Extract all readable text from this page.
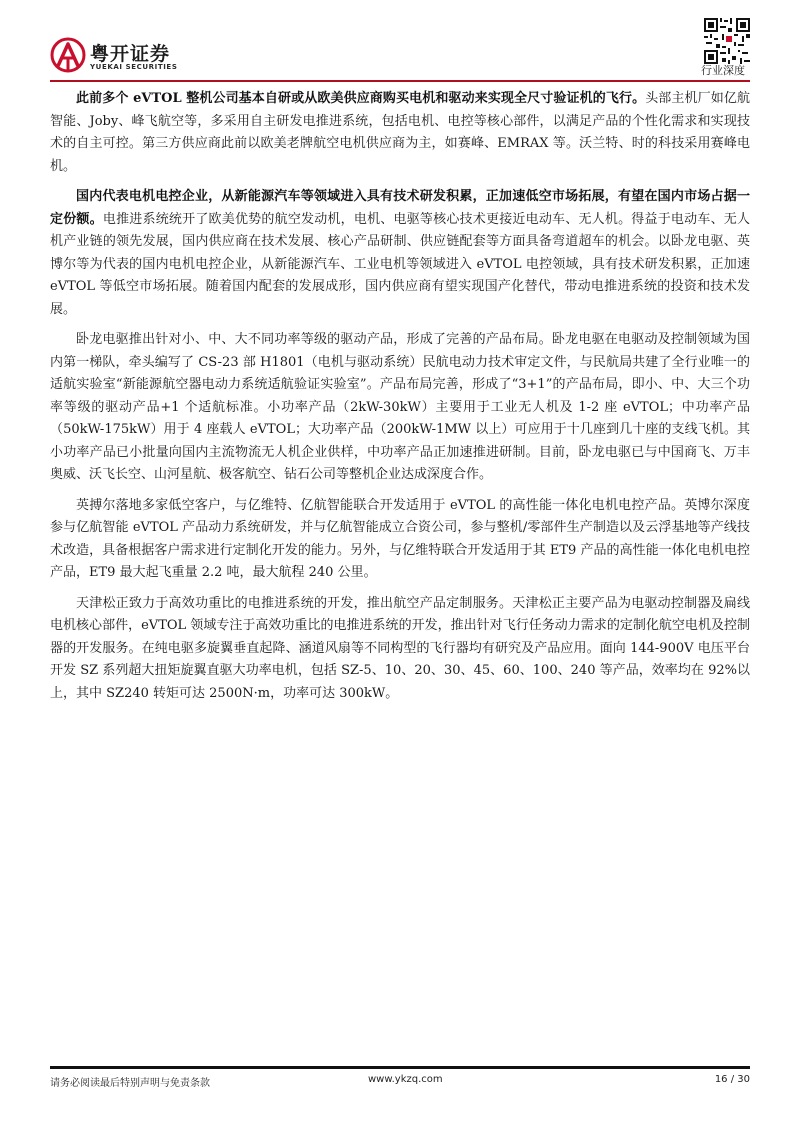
粤开证券
YUEKAI SECURITIES	行业深度

此前多个 eVTOL 整机公司基本自研或从欧美供应商购买电机和驱动来实现全尺寸验证机的飞行。头部主机厂如亿航智能、Joby、峰飞航空等，多采用自主研发电推进系统，包括电机、电控等核心部件，以满足产品的个性化需求和实现技术的自主可控。第三方供应商此前以欧美老牌航空电机供应商为主，如赛峰、EMRAX 等。沃兰特、时的科技采用赛峰电机。

国内代表电机电控企业，从新能源汽车等领域进入具有技术研发积累，正加速低空市场拓展，有望在国内市场占据一定份额。电推进系统统开了欧美优势的航空发动机，电机、电驱等核心技术更接近电动车、无人机。得益于电动车、无人机产业链的领先发展，国内供应商在技术发展、核心产品研制、供应链配套等方面具备弯道超车的机会。以卧龙电驱、英博尔等为代表的国内电机电控企业，从新能源汽车、工业电机等领域进入 eVTOL 电控领域，具有技术研发积累，正加速 eVTOL 等低空市场拓展。随着国内配套的发展成形，国内供应商有望实现国产化替代，带动电推进系统的投资和技术发展。

卧龙电驱推出针对小、中、大不同功率等级的驱动产品，形成了完善的产品布局。卧龙电驱在电驱动及控制领域为国内第一梯队，牵头编写了 CS-23 部 H1801（电机与驱动系统）民航电动力技术审定文件，与民航局共建了全行业唯一的适航实验室“新能源航空器电动力系统适航验证实验室”。产品布局完善，形成了“3+1”的产品布局，即小、中、大三个功率等级的驱动产品+1 个适航标准。小功率产品（2kW-30kW）主要用于工业无人机及 1-2 座 eVTOL；中功率产品（50kW-175kW）用于 4 座载人 eVTOL；大功率产品（200kW-1MW 以上）可应用于十几座到几十座的支线飞机。其小功率产品已小批量向国内主流物流无人机企业供样，中功率产品正加速推进研制。目前，卧龙电驱已与中国商飞、万丰奥威、沃飞长空、山河星航、极客航空、钻石公司等整机企业达成深度合作。

英搏尔落地多家低空客户，与亿维特、亿航智能联合开发适用于 eVTOL 的高性能一体化电机电控产品。英博尔深度参与亿航智能 eVTOL 产品动力系统研发，并与亿航智能成立合资公司，参与整机/零部件生产制造以及云浮基地等产线技术改造，具备根据客户需求进行定制化开发的能力。另外，与亿维特联合开发适用于其 ET9 产品的高性能一体化电机电控产品，ET9 最大起飞重量 2.2 吨，最大航程 240 公里。

天津松正致力于高效功重比的电推进系统的开发，推出航空产品定制服务。天津松正主要产品为电驱动控制器及扁线电机核心部件，eVTOL 领域专注于高效功重比的电推进系统的开发，推出针对飞行任务动力需求的定制化航空电机及控制器的开发服务。在纯电驱多旋翼垂直起降、涵道风扇等不同构型的飞行器均有研究及产品应用。面向 144-900V 电压平台开发 SZ 系列超大扭矩旋翼直驱大功率电机，包括 SZ-5、10、20、30、45、60、100、240 等产品，效率均在 92%以上，其中 SZ240 转矩可达 2500N·m，功率可达 300kW。

请务必阅读最后特别声明与免责条款	www.ykzq.com	16 / 30
